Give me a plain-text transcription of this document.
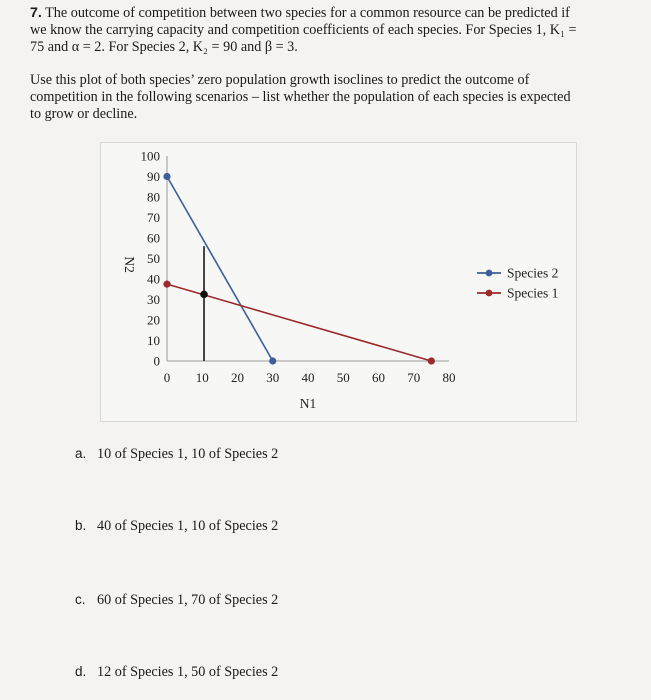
7. The outcome of competition between two species for a common resource can be predicted if
we know the carrying capacity and competition coefficients of each species. For Species 1, K₁ =
75 and α = 2. For Species 2, K₂ = 90 and β = 3.
Use this plot of both species’ zero population growth isoclines to predict the outcome of
competition in the following scenarios – list whether the population of each species is expected
to grow or decline.
0
10
20
30
40
50
60
70
80
90
100
0 10 20 30 40 50 60 70 80
N1
N2
Species 2
Species 1
a. 10 of Species 1, 10 of Species 2
b. 40 of Species 1, 10 of Species 2
c. 60 of Species 1, 70 of Species 2
d. 12 of Species 1, 50 of Species 2
